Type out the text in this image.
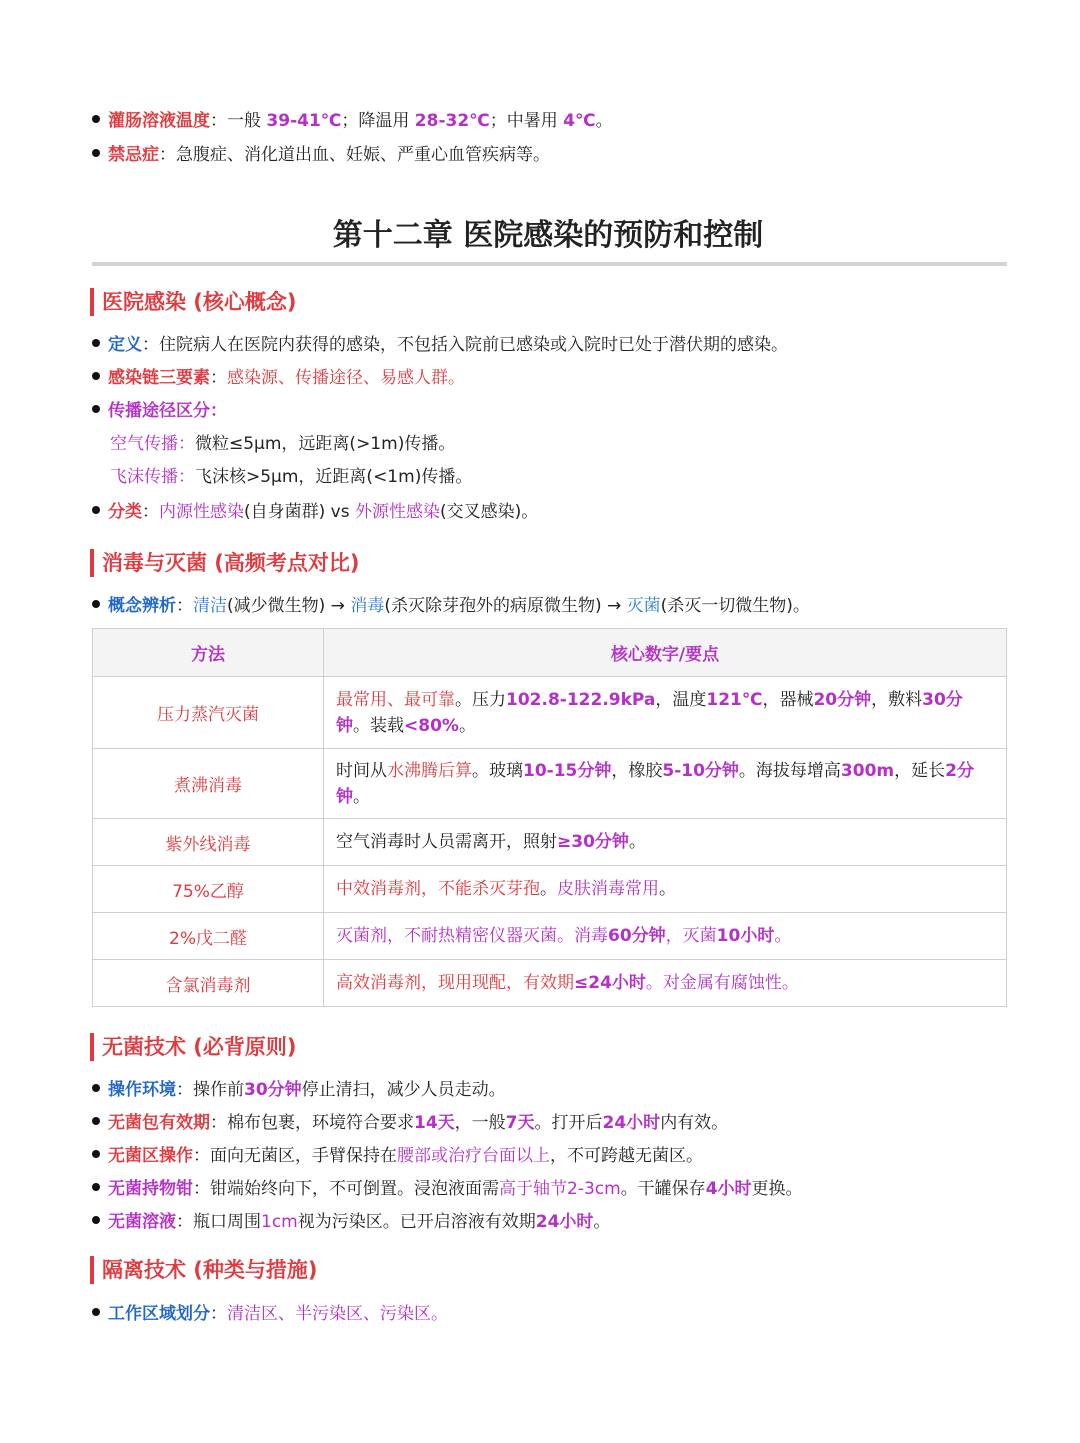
灌肠溶液温度：一般 39-41℃；降温用 28-32℃；中暑用 4℃。
禁忌症：急腹症、消化道出血、妊娠、严重心血管疾病等。
第十二章 医院感染的预防和控制
医院感染 (核心概念)
定义：住院病人在医院内获得的感染，不包括入院前已感染或入院时已处于潜伏期的感染。
感染链三要素：感染源、传播途径、易感人群。
传播途径区分：
空气传播：微粒≤5μm，远距离(>1m)传播。
飞沫传播：飞沫核>5μm，近距离(<1m)传播。
分类：内源性感染(自身菌群) vs 外源性感染(交叉感染)。
消毒与灭菌 (高频考点对比)
概念辨析：清洁(减少微生物) → 消毒(杀灭除芽孢外的病原微生物) → 灭菌(杀灭一切微生物)。
方法	核心数字/要点
压力蒸汽灭菌	最常用、最可靠。压力102.8-122.9kPa，温度121℃，器械20分钟，敷料30分钟。装载<80%。
煮沸消毒	时间从水沸腾后算。玻璃10-15分钟，橡胶5-10分钟。海拔每增高300m，延长2分钟。
紫外线消毒	空气消毒时人员需离开，照射≥30分钟。
75%乙醇	中效消毒剂，不能杀灭芽孢。皮肤消毒常用。
2%戊二醛	灭菌剂，不耐热精密仪器灭菌。消毒60分钟，灭菌10小时。
含氯消毒剂	高效消毒剂，现用现配，有效期≤24小时。对金属有腐蚀性。
无菌技术 (必背原则)
操作环境：操作前30分钟停止清扫，减少人员走动。
无菌包有效期：棉布包裹，环境符合要求14天，一般7天。打开后24小时内有效。
无菌区操作：面向无菌区，手臂保持在腰部或治疗台面以上，不可跨越无菌区。
无菌持物钳：钳端始终向下，不可倒置。浸泡液面需高于轴节2-3cm。干罐保存4小时更换。
无菌溶液：瓶口周围1cm视为污染区。已开启溶液有效期24小时。
隔离技术 (种类与措施)
工作区域划分：清洁区、半污染区、污染区。
